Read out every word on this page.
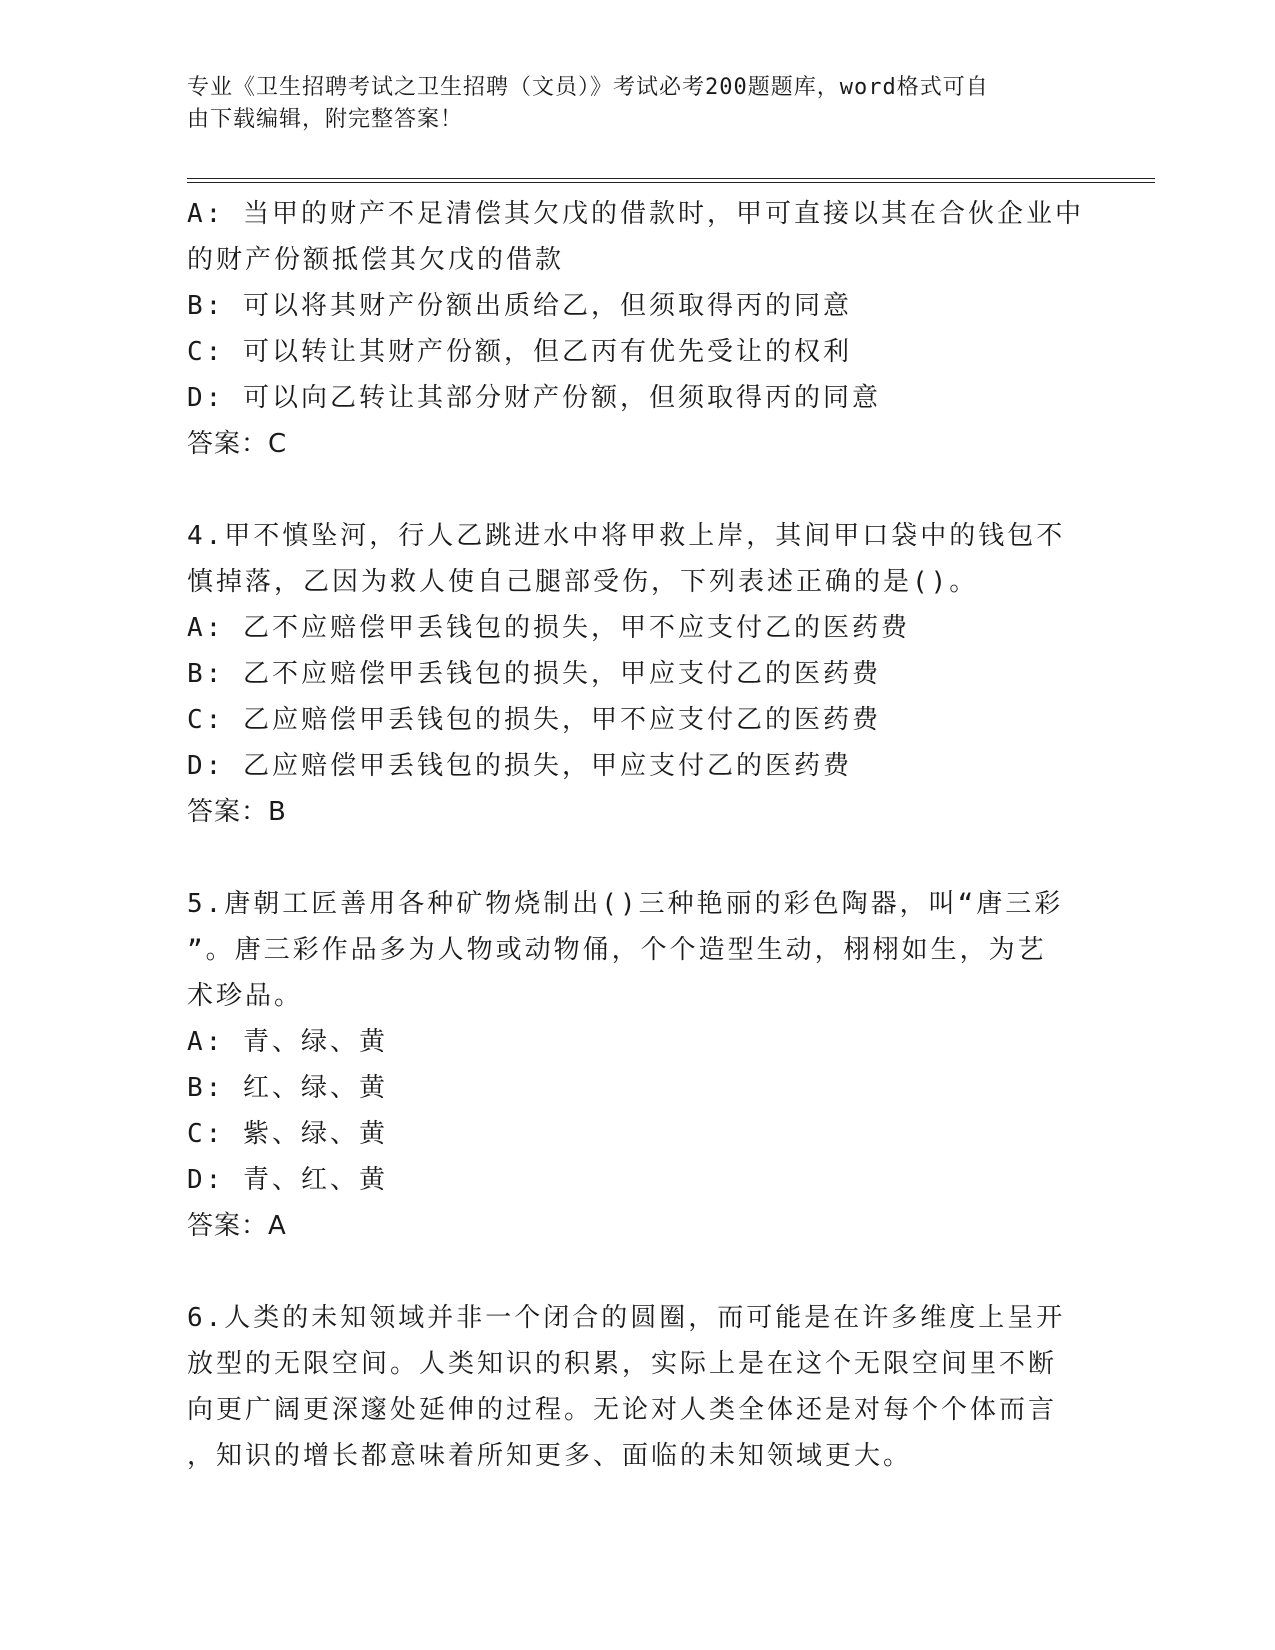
专业《卫生招聘考试之卫生招聘（文员）》考试必考200题题库，word格式可自
由下载编辑，附完整答案！

A: 当甲的财产不足清偿其欠戊的借款时，甲可直接以其在合伙企业中

的财产份额抵偿其欠戊的借款

B: 可以将其财产份额出质给乙，但须取得丙的同意

C: 可以转让其财产份额，但乙丙有优先受让的权利

D: 可以向乙转让其部分财产份额，但须取得丙的同意

答案：C

4.甲不慎坠河，行人乙跳进水中将甲救上岸，其间甲口袋中的钱包不

慎掉落，乙因为救人使自己腿部受伤，下列表述正确的是()。

A: 乙不应赔偿甲丢钱包的损失，甲不应支付乙的医药费

B: 乙不应赔偿甲丢钱包的损失，甲应支付乙的医药费

C: 乙应赔偿甲丢钱包的损失，甲不应支付乙的医药费

D: 乙应赔偿甲丢钱包的损失，甲应支付乙的医药费

答案：B

5.唐朝工匠善用各种矿物烧制出()三种艳丽的彩色陶器，叫“唐三彩

”。唐三彩作品多为人物或动物俑，个个造型生动，栩栩如生，为艺

术珍品。

A: 青、绿、黄

B: 红、绿、黄

C: 紫、绿、黄

D: 青、红、黄

答案：A

6.人类的未知领域并非一个闭合的圆圈，而可能是在许多维度上呈开

放型的无限空间。人类知识的积累，实际上是在这个无限空间里不断

向更广阔更深邃处延伸的过程。无论对人类全体还是对每个个体而言

，知识的增长都意味着所知更多、面临的未知领域更大。
